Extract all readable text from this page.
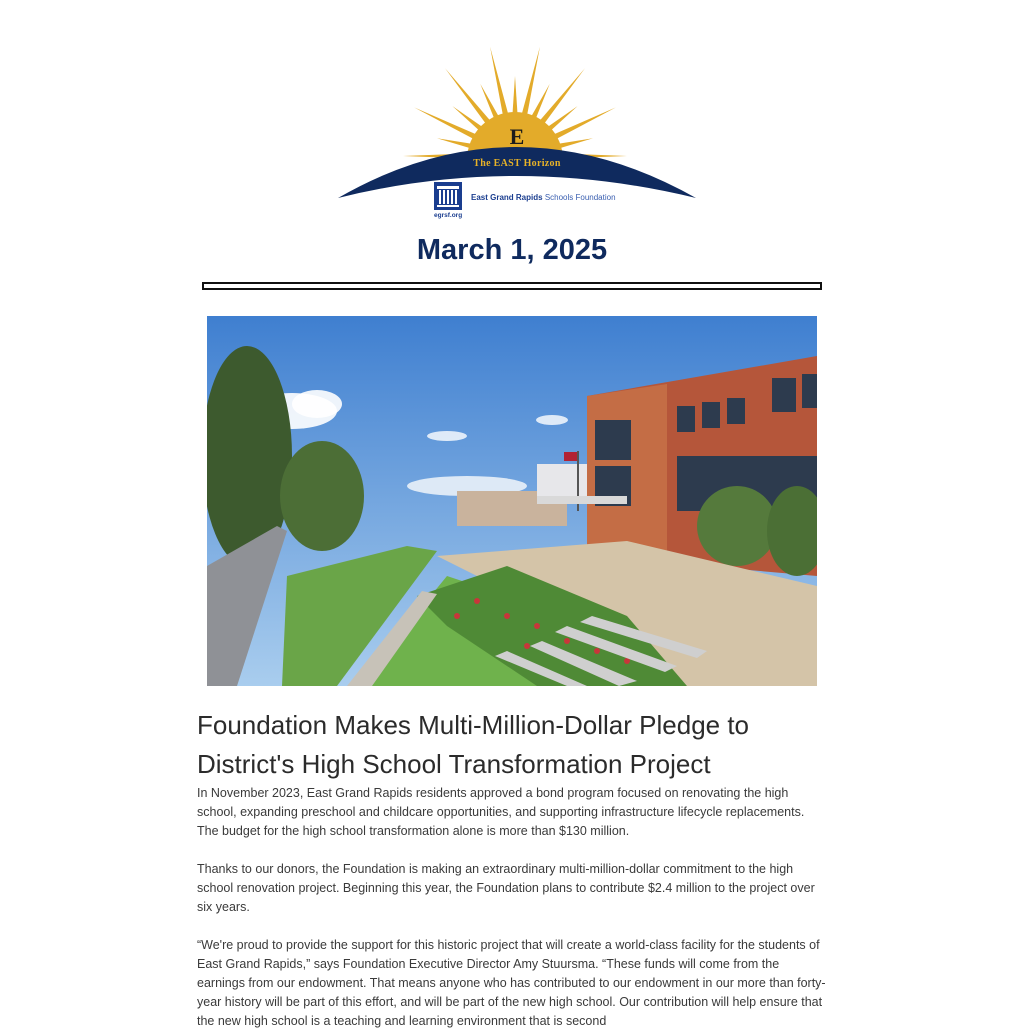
E
The EAST Horizon
East Grand Rapids Schools Foundation
egrsf.org
March 1, 2025
Foundation Makes Multi-Million-Dollar Pledge to District's High School Transformation Project

In November 2023, East Grand Rapids residents approved a bond program focused on renovating the high school, expanding preschool and childcare opportunities, and supporting infrastructure lifecycle replacements. The budget for the high school transformation alone is more than $130 million.

Thanks to our donors, the Foundation is making an extraordinary multi-million-dollar commitment to the high school renovation project. Beginning this year, the Foundation plans to contribute $2.4 million to the project over six years.

“We're proud to provide the support for this historic project that will create a world-class facility for the students of East Grand Rapids,” says Foundation Executive Director Amy Stuursma. “These funds will come from the earnings from our endowment. That means anyone who has contributed to our endowment in our more than forty-year history will be part of this effort, and will be part of the new high school. Our contribution will help ensure that the new high school is a teaching and learning environment that is second
